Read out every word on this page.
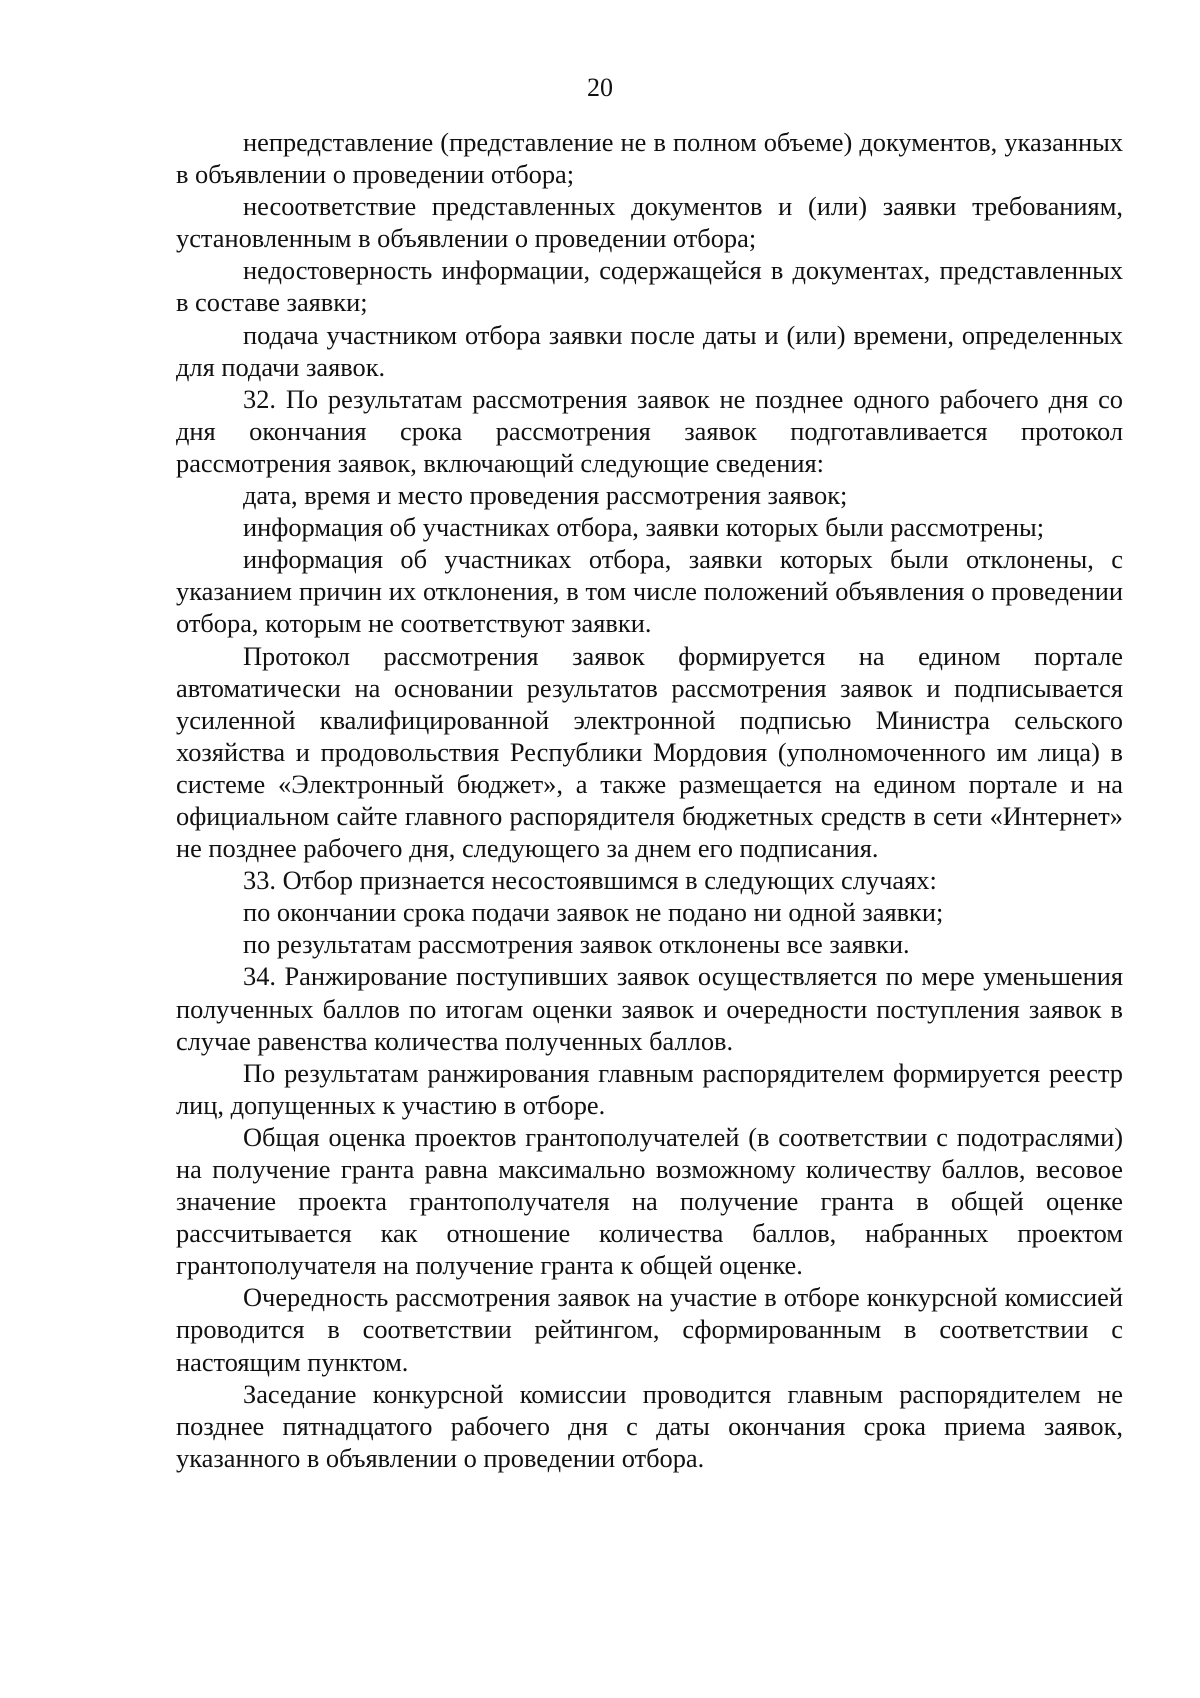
20

непредставление (представление не в полном объеме) документов, указанных в объявлении о проведении отбора;

несоответствие представленных документов и (или) заявки требованиям, установленным в объявлении о проведении отбора;

недостоверность информации, содержащейся в документах, представленных в составе заявки;

подача участником отбора заявки после даты и (или) времени, определенных для подачи заявок.

32. По результатам рассмотрения заявок не позднее одного рабочего дня со дня окончания срока рассмотрения заявок подготавливается протокол рассмотрения заявок, включающий следующие сведения:

дата, время и место проведения рассмотрения заявок;

информация об участниках отбора, заявки которых были рассмотрены;

информация об участниках отбора, заявки которых были отклонены, с указанием причин их отклонения, в том числе положений объявления о проведении отбора, которым не соответствуют заявки.

Протокол рассмотрения заявок формируется на едином портале автоматически на основании результатов рассмотрения заявок и подписывается усиленной квалифицированной электронной подписью Министра сельского хозяйства и продовольствия Республики Мордовия (уполномоченного им лица) в системе «Электронный бюджет», а также размещается на едином портале и на официальном сайте главного распорядителя бюджетных средств в сети «Интернет» не позднее рабочего дня, следующего за днем его подписания.

33. Отбор признается несостоявшимся в следующих случаях:

по окончании срока подачи заявок не подано ни одной заявки;

по результатам рассмотрения заявок отклонены все заявки.

34. Ранжирование поступивших заявок осуществляется по мере уменьшения полученных баллов по итогам оценки заявок и очередности поступления заявок в случае равенства количества полученных баллов.

По результатам ранжирования главным распорядителем формируется реестр лиц, допущенных к участию в отборе.

Общая оценка проектов грантополучателей (в соответствии с подотраслями) на получение гранта равна максимально возможному количеству баллов, весовое значение проекта грантополучателя на получение гранта в общей оценке рассчитывается как отношение количества баллов, набранных проектом грантополучателя на получение гранта к общей оценке.

Очередность рассмотрения заявок на участие в отборе конкурсной комиссией проводится в соответствии рейтингом, сформированным в соответствии с настоящим пунктом.

Заседание конкурсной комиссии проводится главным распорядителем не позднее пятнадцатого рабочего дня с даты окончания срока приема заявок, указанного в объявлении о проведении отбора.
